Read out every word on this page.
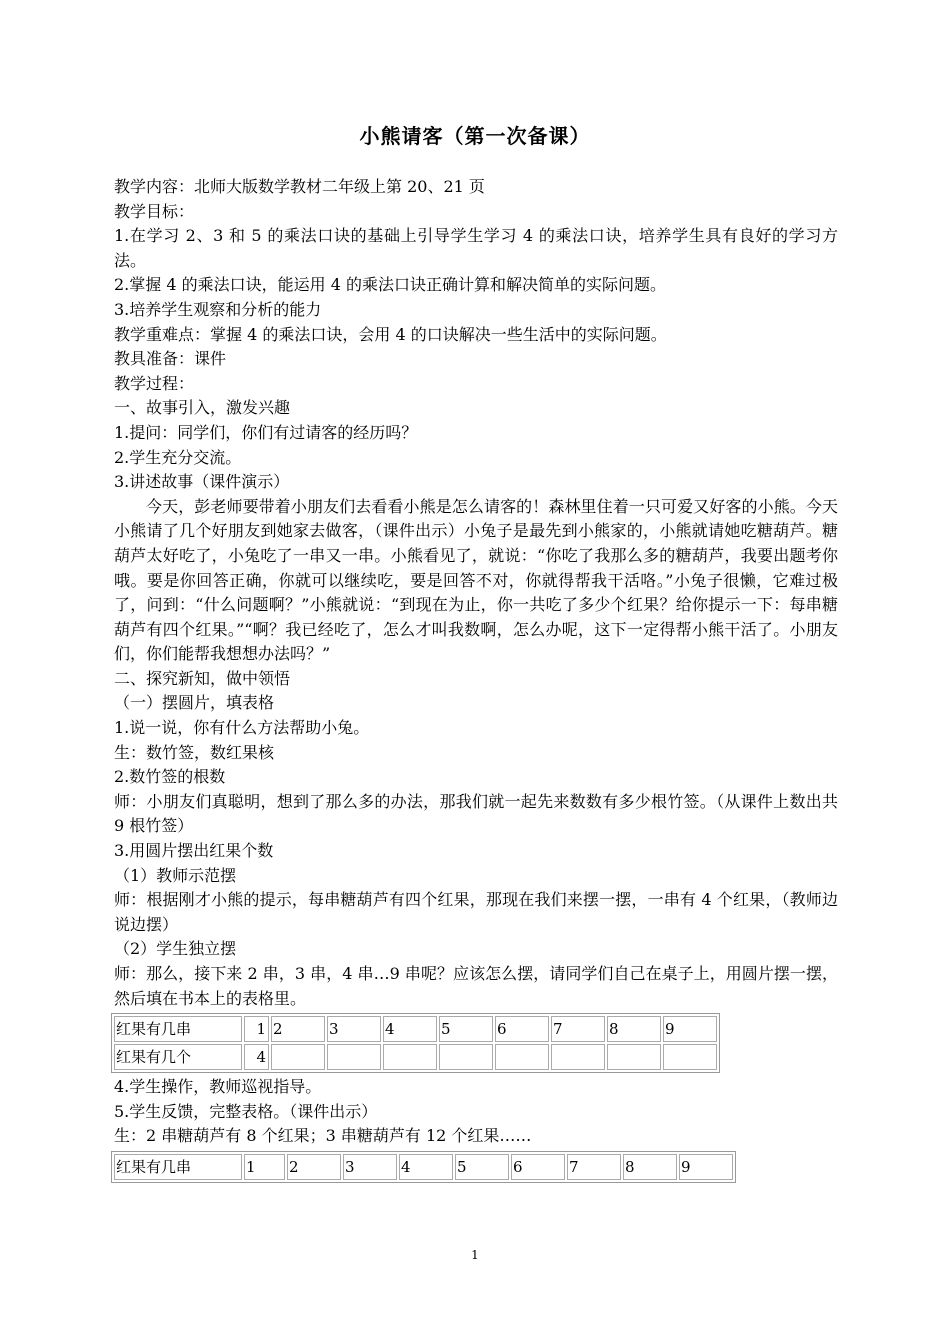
小熊请客（第一次备课）

教学内容：北师大版数学教材二年级上第 20、21 页

教学目标：

1.在学习 2、3 和 5 的乘法口诀的基础上引导学生学习 4 的乘法口诀，培养学生具有良好的学习方法。

2.掌握 4 的乘法口诀，能运用 4 的乘法口诀正确计算和解决简单的实际问题。

3.培养学生观察和分析的能力

教学重难点：掌握 4 的乘法口诀，会用 4 的口诀解决一些生活中的实际问题。

教具准备：课件

教学过程：

一、故事引入，激发兴趣

1.提问：同学们，你们有过请客的经历吗？

2.学生充分交流。

3.讲述故事（课件演示）

今天，彭老师要带着小朋友们去看看小熊是怎么请客的！森林里住着一只可爱又好客的小熊。今天小熊请了几个好朋友到她家去做客，（课件出示）小兔子是最先到小熊家的，小熊就请她吃糖葫芦。糖葫芦太好吃了，小兔吃了一串又一串。小熊看见了，就说：“你吃了我那么多的糖葫芦，我要出题考你哦。要是你回答正确，你就可以继续吃，要是回答不对，你就得帮我干活咯。”小兔子很懒，它难过极了，问到：“什么问题啊？”小熊就说：“到现在为止，你一共吃了多少个红果？给你提示一下：每串糖葫芦有四个红果。”“啊？我已经吃了，怎么才叫我数啊，怎么办呢，这下一定得帮小熊干活了。小朋友们，你们能帮我想想办法吗？”

二、探究新知，做中领悟

（一）摆圆片，填表格

1.说一说，你有什么方法帮助小兔。

生：数竹签，数红果核

2.数竹签的根数

师：小朋友们真聪明，想到了那么多的办法，那我们就一起先来数数有多少根竹签。（从课件上数出共 9 根竹签）

3.用圆片摆出红果个数

（1）教师示范摆

师：根据刚才小熊的提示，每串糖葫芦有四个红果，那现在我们来摆一摆，一串有 4 个红果，（教师边说边摆）

（2）学生独立摆

师：那么，接下来 2 串，3 串，4 串…9 串呢？应该怎么摆，请同学们自己在桌子上，用圆片摆一摆，然后填在书本上的表格里。

红果有几串	1	2	3	4	5	6	7	8	9
红果有几个	4								

4.学生操作，教师巡视指导。

5.学生反馈，完整表格。（课件出示）

生：2 串糖葫芦有 8 个红果；3 串糖葫芦有 12 个红果……

红果有几串	1	2	3	4	5	6	7	8	9
1
